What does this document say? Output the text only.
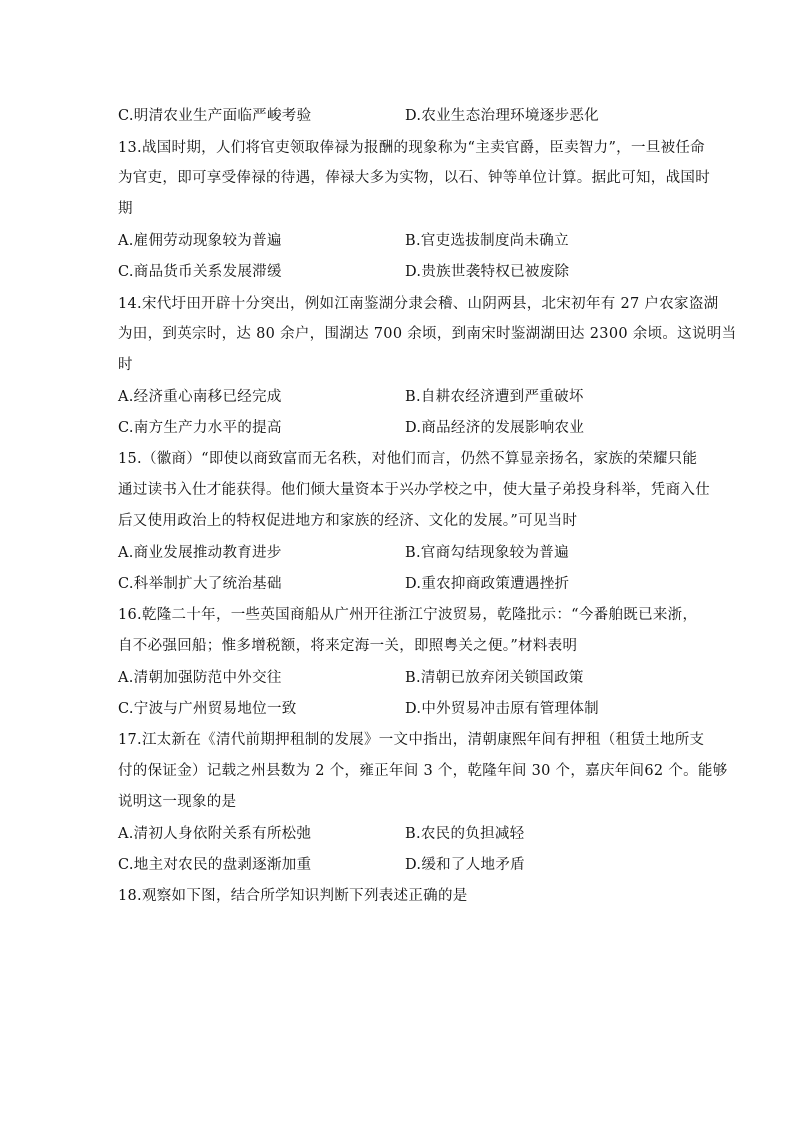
C.明清农业生产面临严峻考验	D.农业生态治理环境逐步恶化
13.战国时期，人们将官吏领取俸禄为报酬的现象称为“主卖官爵，臣卖智力”，一旦被任命
为官吏，即可享受俸禄的待遇，俸禄大多为实物，以石、钟等单位计算。据此可知，战国时
期
A.雇佣劳动现象较为普遍	B.官吏选拔制度尚未确立
C.商品货币关系发展滞缓	D.贵族世袭特权已被废除
14.宋代圩田开辟十分突出，例如江南鉴湖分隶会稽、山阴两县，北宋初年有 27 户农家盗湖
为田，到英宗时，达 80 余户，围湖达 700 余顷，到南宋时鉴湖湖田达 2300 余顷。这说明当
时
A.经济重心南移已经完成	B.自耕农经济遭到严重破坏
C.南方生产力水平的提高	D.商品经济的发展影响农业
15.（徽商）“即使以商致富而无名秩，对他们而言，仍然不算显亲扬名，家族的荣耀只能
通过读书入仕才能获得。他们倾大量资本于兴办学校之中，使大量子弟投身科举，凭商入仕
后又使用政治上的特权促进地方和家族的经济、文化的发展。”可见当时
A.商业发展推动教育进步	B.官商勾结现象较为普遍
C.科举制扩大了统治基础	D.重农抑商政策遭遇挫折
16.乾隆二十年，一些英国商船从广州开往浙江宁波贸易，乾隆批示：“今番舶既已来浙，
自不必强回船；惟多增税额，将来定海一关，即照粤关之便。”材料表明
A.清朝加强防范中外交往	B.清朝已放弃闭关锁国政策
C.宁波与广州贸易地位一致	D.中外贸易冲击原有管理体制
17.江太新在《清代前期押租制的发展》一文中指出，清朝康熙年间有押租（租赁土地所支
付的保证金）记载之州县数为 2 个，雍正年间 3 个，乾隆年间 30 个，嘉庆年间62 个。能够
说明这一现象的是
A.清初人身依附关系有所松弛	B.农民的负担减轻
C.地主对农民的盘剥逐渐加重	D.缓和了人地矛盾
18.观察如下图，结合所学知识判断下列表述正确的是
